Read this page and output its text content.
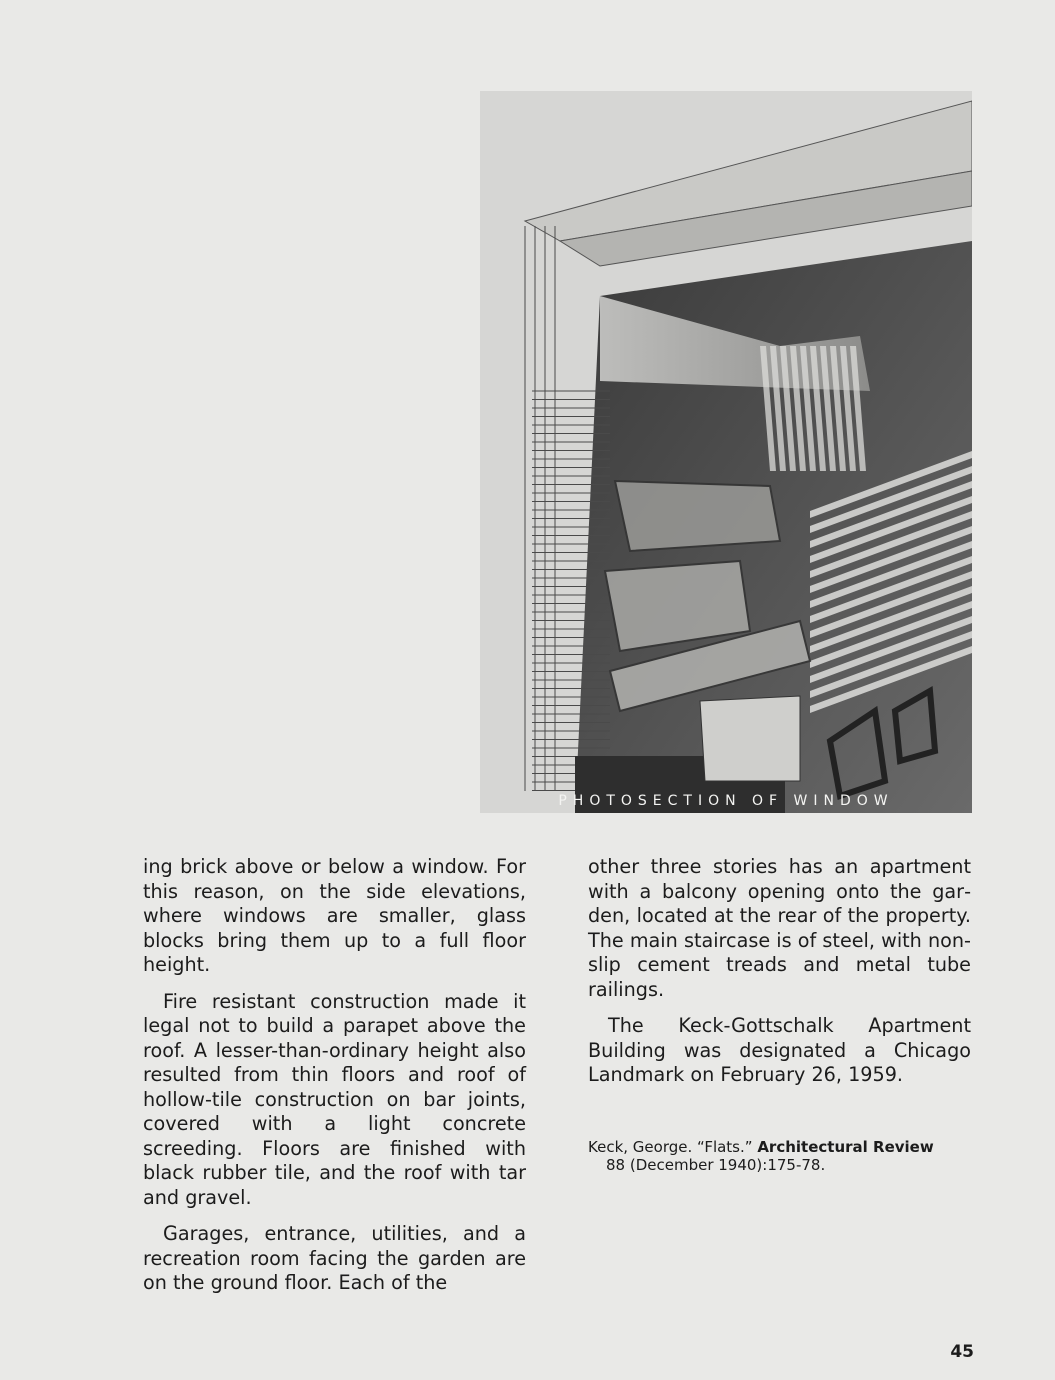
PHOTOSECTION OF WINDOW

ing brick above or below a window. For this reason, on the side elevations, where windows are smaller, glass blocks bring them up to a full floor height.

Fire resistant construction made it legal not to build a parapet above the roof. A lesser-than-ordinary height also resulted from thin floors and roof of hollow-tile construction on bar joints, covered with a light concrete screeding. Floors are finished with black rubber tile, and the roof with tar and gravel.

Garages, entrance, utilities, and a recreation room facing the garden are on the ground floor. Each of the

other three stories has an apartment with a balcony opening onto the garden, located at the rear of the property. The main staircase is of steel, with non-slip cement treads and metal tube railings.

The Keck-Gottschalk Apartment Building was designated a Chicago Landmark on February 26, 1959.

Keck, George. “Flats.” Architectural Review
88 (December 1940):175-78.
45
